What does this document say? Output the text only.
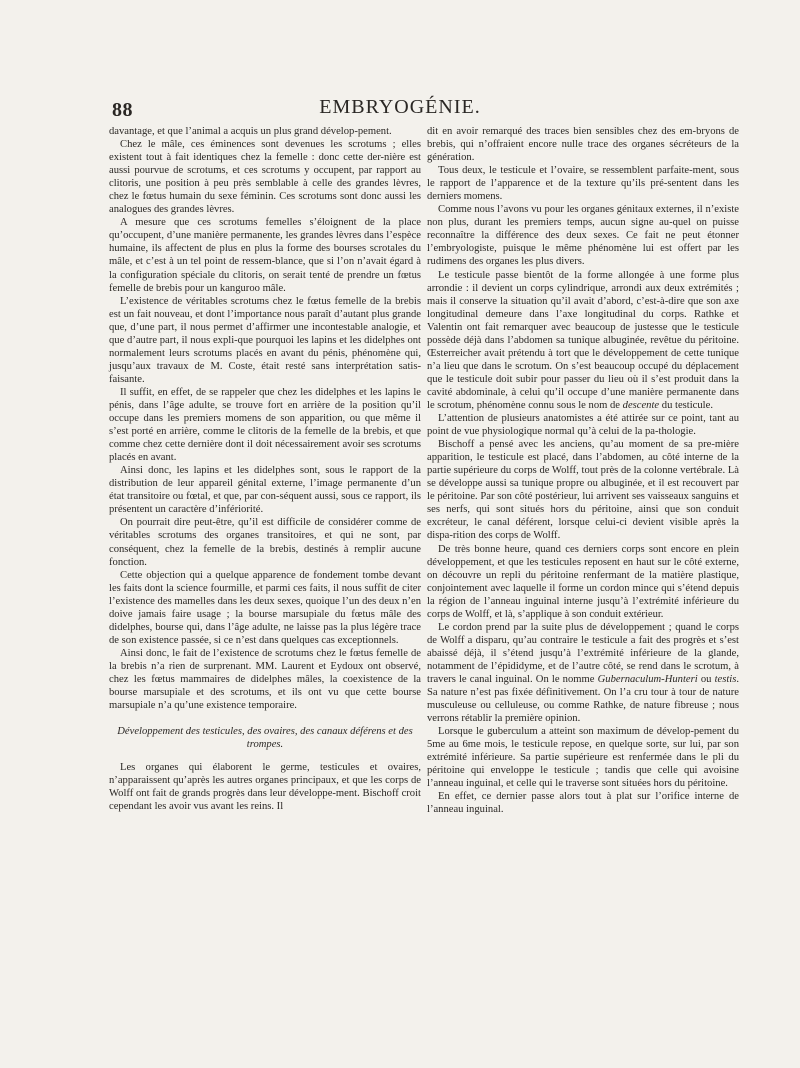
88	EMBRYOGÉNIE.

davantage, et que l’animal a acquis un plus grand dévelop-pement.

Chez le mâle, ces éminences sont devenues les scrotums ; elles existent tout à fait identiques chez la femelle : donc cette der-nière est aussi pourvue de scrotums, et ces scrotums y occupent, par rapport au clitoris, une position à peu près semblable à celle des grandes lèvres, chez le fœtus humain du sexe féminin. Ces scrotums sont donc aussi les analogues des grandes lèvres.

A mesure que ces scrotums femelles s’éloignent de la place qu’occupent, d’une manière permanente, les grandes lèvres dans l’espèce humaine, ils affectent de plus en plus la forme des bourses scrotales du mâle, et c’est à un tel point de ressem-blance, que si l’on n’avait égard à la configuration spéciale du clitoris, on serait tenté de prendre un fœtus femelle de brebis pour un kanguroo mâle.

L’existence de véritables scrotums chez le fœtus femelle de la brebis est un fait nouveau, et dont l’importance nous paraît d’autant plus grande que, d’une part, il nous permet d’affirmer une incontestable analogie, et que d’autre part, il nous expli-que pourquoi les lapins et les didelphes ont normalement leurs scrotums placés en avant du pénis, phénomène qui, jusqu’aux travaux de M. Coste, était resté sans interprétation satis-faisante.

Il suffit, en effet, de se rappeler que chez les didelphes et les lapins le pénis, dans l’âge adulte, se trouve fort en arrière de la position qu’il occupe dans les premiers momens de son apparition, ou que même il s’est porté en arrière, comme le clitoris de la femelle de la brebis, et que comme chez cette dernière dont il doit nécessairement avoir ses scrotums placés en avant.

Ainsi donc, les lapins et les didelphes sont, sous le rapport de la distribution de leur appareil génital externe, l’image permanente d’un état transitoire ou fœtal, et que, par con-séquent aussi, sous ce rapport, ils présentent un caractère d’infériorité.

On pourrait dire peut-être, qu’il est difficile de considérer comme de véritables scrotums des organes transitoires, et qui ne sont, par conséquent, chez la femelle de la brebis, destinés à remplir aucune fonction.

Cette objection qui a quelque apparence de fondement tombe devant les faits dont la science fourmille, et parmi ces faits, il nous suffit de citer l’existence des mamelles dans les deux sexes, quoique l’un des deux n’en doive jamais faire usage ; la bourse marsupiale du fœtus mâle des didelphes, bourse qui, dans l’âge adulte, ne laisse pas la plus légère trace de son existence passée, si ce n’est dans quelques cas exceptionnels.

Ainsi donc, le fait de l’existence de scrotums chez le fœtus femelle de la brebis n’a rien de surprenant. MM. Laurent et Eydoux ont observé, chez les fœtus mammaires de didelphes mâles, la coexistence de la bourse marsupiale et des scrotums, et ils ont vu que cette bourse marsupiale n’a qu’une existence temporaire.

Développement des testicules, des ovaires, des canaux déférens et des trompes.

Les organes qui élaborent le germe, testicules et ovaires, n’apparaissent qu’après les autres organes principaux, et que les corps de Wolff ont fait de grands progrès dans leur développe-ment. Bischoff croit cependant les avoir vus avant les reins. Il

dit en avoir remarqué des traces bien sensibles chez des em-bryons de brebis, qui n’offraient encore nulle trace des organes sécréteurs de la génération.

Tous deux, le testicule et l’ovaire, se ressemblent parfaite-ment, sous le rapport de l’apparence et de la texture qu’ils pré-sentent dans les derniers momens.

Comme nous l’avons vu pour les organes génitaux externes, il n’existe non plus, durant les premiers temps, aucun signe au-quel on puisse reconnaître la différence des deux sexes. Ce fait ne peut étonner l’embryologiste, puisque le même phénomène lui est offert par les rudimens des organes les plus divers.

Le testicule passe bientôt de la forme allongée à une forme plus arrondie : il devient un corps cylindrique, arrondi aux deux extrémités ; mais il conserve la situation qu’il avait d’abord, c’est-à-dire que son axe longitudinal demeure dans l’axe longitudinal du corps. Rathke et Valentin ont fait remarquer avec beaucoup de justesse que le testicule possède déjà dans l’abdomen sa tunique albuginée, revêtue du péritoine. Œsterreicher avait prétendu à tort que le développement de cette tunique n’a lieu que dans le scrotum. On s’est beaucoup occupé du déplacement que le testicule doit subir pour passer du lieu où il s’est produit dans la cavité abdominale, à celui qu’il occupe d’une manière permanente dans le scrotum, phénomène connu sous le nom de descente du testicule.

L’attention de plusieurs anatomistes a été attirée sur ce point, tant au point de vue physiologique normal qu’à celui de la pa-thologie.

Bischoff a pensé avec les anciens, qu’au moment de sa pre-mière apparition, le testicule est placé, dans l’abdomen, au côté interne de la partie supérieure du corps de Wolff, tout près de la colonne vertébrale. Là se développe aussi sa tunique propre ou albuginée, et il est recouvert par le péritoine. Par son côté postérieur, lui arrivent ses vaisseaux sanguins et ses nerfs, qui sont situés hors du péritoine, ainsi que son conduit excréteur, le canal déférent, lorsque celui-ci devient visible après la dispa-rition des corps de Wolff.

De très bonne heure, quand ces derniers corps sont encore en plein développement, et que les testicules reposent en haut sur le côté externe, on découvre un repli du péritoine renfermant de la matière plastique, conjointement avec laquelle il forme un cordon mince qui s’étend depuis la région de l’anneau inguinal interne jusqu’à l’extrémité inférieure du corps de Wolff, et là, s’applique à son conduit extérieur.

Le cordon prend par la suite plus de développement ; quand le corps de Wolff a disparu, qu’au contraire le testicule a fait des progrès et s’est abaissé déjà, il s’étend jusqu’à l’extrémité inférieure de la glande, notamment de l’épididyme, et de l’autre côté, se rend dans le scrotum, à travers le canal inguinal. On le nomme Gubernaculum-Hunteri ou testis. Sa nature n’est pas fixée définitivement. On l’a cru tour à tour de nature musculeuse ou celluleuse, ou comme Rathke, de nature fibreuse ; nous verrons rétablir la première opinion.

Lorsque le guberculum a atteint son maximum de dévelop-pement du 5me au 6me mois, le testicule repose, en quelque sorte, sur lui, par son extrémité inférieure. Sa partie supérieure est renfermée dans le pli du péritoine qui enveloppe le testicule ; tandis que celle qui avoisine l’anneau inguinal, et celle qui le traverse sont situées hors du péritoine.

En effet, ce dernier passe alors tout à plat sur l’orifice interne de l’anneau inguinal.
